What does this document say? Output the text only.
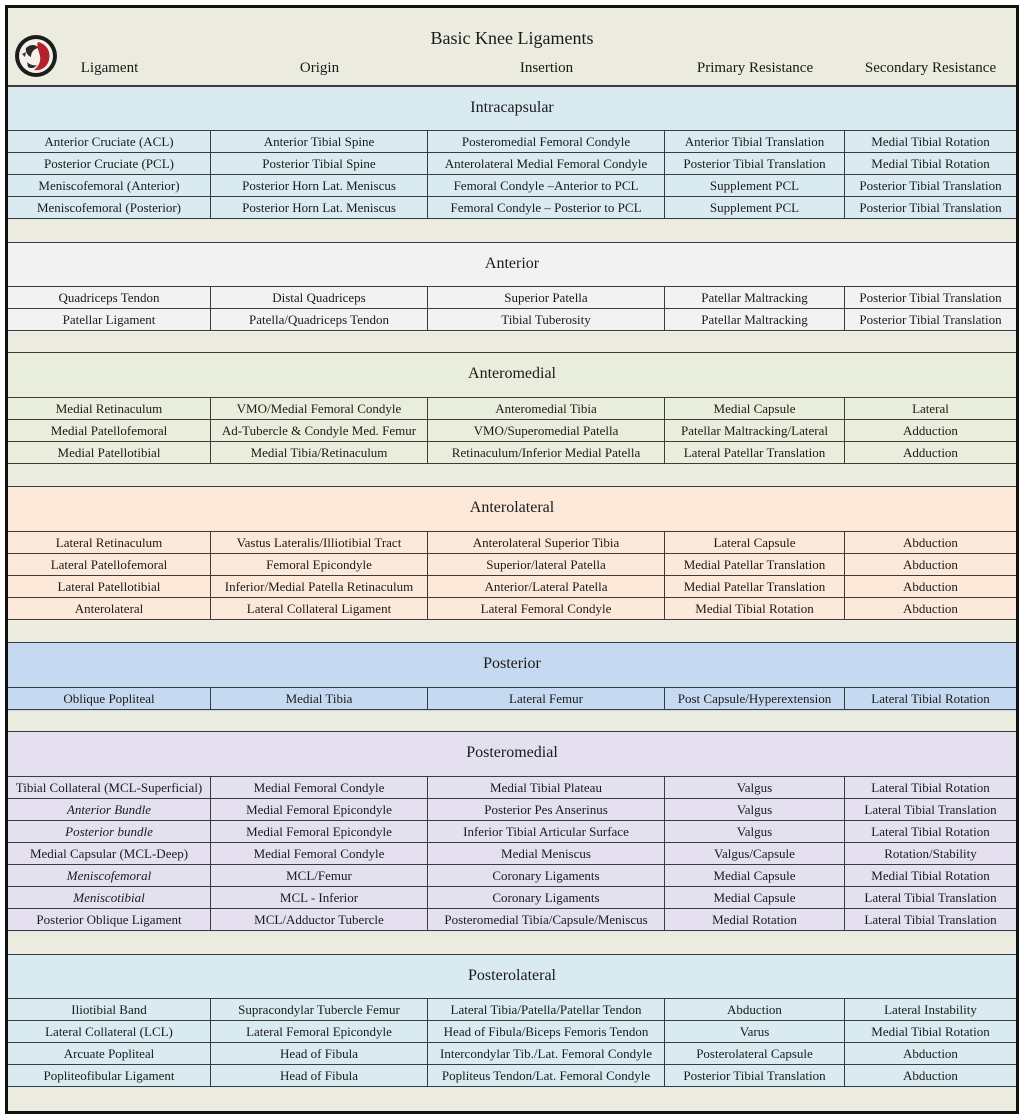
Basic Knee Ligaments
Ligament	Origin	Insertion	Primary Resistance	Secondary Resistance
Intracapsular
Anterior Cruciate (ACL)	Anterior Tibial Spine	Posteromedial Femoral Condyle	Anterior Tibial Translation	Medial Tibial Rotation
Posterior Cruciate (PCL)	Posterior Tibial Spine	Anterolateral Medial Femoral Condyle	Posterior Tibial Translation	Medial Tibial Rotation
Meniscofemoral (Anterior)	Posterior Horn Lat. Meniscus	Femoral Condyle –Anterior to PCL	Supplement PCL	Posterior Tibial Translation
Meniscofemoral (Posterior)	Posterior Horn Lat. Meniscus	Femoral Condyle – Posterior to PCL	Supplement PCL	Posterior Tibial Translation
Anterior
Quadriceps Tendon	Distal Quadriceps	Superior Patella	Patellar Maltracking	Posterior Tibial Translation
Patellar Ligament	Patella/Quadriceps Tendon	Tibial Tuberosity	Patellar Maltracking	Posterior Tibial Translation
Anteromedial
Medial Retinaculum	VMO/Medial Femoral Condyle	Anteromedial Tibia	Medial Capsule	Lateral
Medial Patellofemoral	Ad-Tubercle & Condyle Med. Femur	VMO/Superomedial Patella	Patellar Maltracking/Lateral	Adduction
Medial Patellotibial	Medial Tibia/Retinaculum	Retinaculum/Inferior Medial Patella	Lateral Patellar Translation	Adduction
Anterolateral
Lateral Retinaculum	Vastus Lateralis/Illiotibial Tract	Anterolateral Superior Tibia	Lateral Capsule	Abduction
Lateral Patellofemoral	Femoral Epicondyle	Superior/lateral Patella	Medial Patellar Translation	Abduction
Lateral Patellotibial	Inferior/Medial Patella Retinaculum	Anterior/Lateral Patella	Medial Patellar Translation	Abduction
Anterolateral	Lateral Collateral Ligament	Lateral Femoral Condyle	Medial Tibial Rotation	Abduction
Posterior
Oblique Popliteal	Medial Tibia	Lateral Femur	Post Capsule/Hyperextension	Lateral Tibial Rotation
Posteromedial
Tibial Collateral (MCL-Superficial)	Medial Femoral Condyle	Medial Tibial Plateau	Valgus	Lateral Tibial Rotation
Anterior Bundle	Medial Femoral Epicondyle	Posterior Pes Anserinus	Valgus	Lateral Tibial Translation
Posterior bundle	Medial Femoral Epicondyle	Inferior Tibial Articular Surface	Valgus	Lateral Tibial Rotation
Medial Capsular (MCL-Deep)	Medial Femoral Condyle	Medial Meniscus	Valgus/Capsule	Rotation/Stability
Meniscofemoral	MCL/Femur	Coronary Ligaments	Medial Capsule	Medial Tibial Rotation
Meniscotibial	MCL - Inferior	Coronary Ligaments	Medial Capsule	Lateral Tibial Translation
Posterior Oblique Ligament	MCL/Adductor Tubercle	Posteromedial Tibia/Capsule/Meniscus	Medial Rotation	Lateral Tibial Translation
Posterolateral
Iliotibial Band	Supracondylar Tubercle Femur	Lateral Tibia/Patella/Patellar Tendon	Abduction	Lateral Instability
Lateral Collateral (LCL)	Lateral Femoral Epicondyle	Head of Fibula/Biceps Femoris Tendon	Varus	Medial Tibial Rotation
Arcuate Popliteal	Head of Fibula	Intercondylar Tib./Lat. Femoral Condyle	Posterolateral Capsule	Abduction
Popliteofibular Ligament	Head of Fibula	Popliteus Tendon/Lat. Femoral Condyle	Posterior Tibial Translation	Abduction
